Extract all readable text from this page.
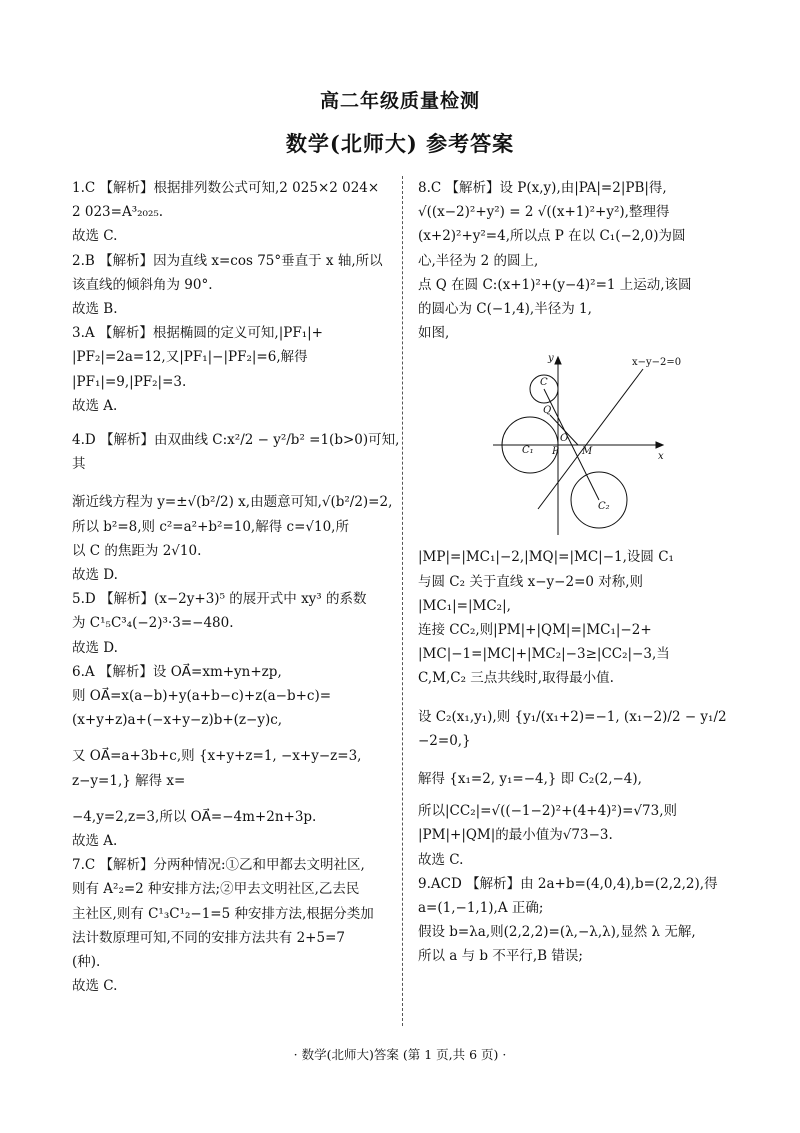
高二年级质量检测
数学(北师大) 参考答案
1.C 【解析】根据排列数公式可知,2 025×2 024×
2 023=A³₂₀₂₅.
故选 C.
2.B 【解析】因为直线 x=cos 75°垂直于 x 轴,所以
该直线的倾斜角为 90°.
故选 B.
3.A 【解析】根据椭圆的定义可知,|PF₁|+
|PF₂|=2a=12,又|PF₁|−|PF₂|=6,解得
|PF₁|=9,|PF₂|=3.
故选 A.
4.D 【解析】由双曲线 C:x²/2 − y²/b² =1(b>0)可知,其
渐近线方程为 y=±√(b²/2) x,由题意可知,√(b²/2)=2,
所以 b²=8,则 c²=a²+b²=10,解得 c=√10,所
以 C 的焦距为 2√10.
故选 D.
5.D 【解析】(x−2y+3)⁵ 的展开式中 xy³ 的系数
为 C¹₅C³₄(−2)³·3=−480.
故选 D.
6.A 【解析】设 OA⃗=xm+yn+zp,
则 OA⃗=x(a−b)+y(a+b−c)+z(a−b+c)=
(x+y+z)a+(−x+y−z)b+(z−y)c,
又 OA⃗=a+3b+c,则 {x+y+z=1, −x+y−z=3, z−y=1,} 解得 x=
−4,y=2,z=3,所以 OA⃗=−4m+2n+3p.
故选 A.
7.C 【解析】分两种情况:①乙和甲都去文明社区,
则有 A²₂=2 种安排方法;②甲去文明社区,乙去民
主社区,则有 C¹₃C¹₂−1=5 种安排方法,根据分类加
法计数原理可知,不同的安排方法共有 2+5=7
(种).
故选 C.
8.C 【解析】设 P(x,y),由|PA|=2|PB|得,
√((x−2)²+y²) = 2 √((x+1)²+y²),整理得
(x+2)²+y²=4,所以点 P 在以 C₁(−2,0)为圆
心,半径为 2 的圆上,
点 Q 在圆 C:(x+1)²+(y−4)²=1 上运动,该圆
的圆心为 C(−1,4),半径为 1,
如图,
x−y−2=0
y
x
O
C
Q
C₁ P M
C₂
|MP|=|MC₁|−2,|MQ|=|MC|−1,设圆 C₁
与圆 C₂ 关于直线 x−y−2=0 对称,则
|MC₁|=|MC₂|,
连接 CC₂,则|PM|+|QM|=|MC₁|−2+
|MC|−1=|MC|+|MC₂|−3≥|CC₂|−3,当
C,M,C₂ 三点共线时,取得最小值.
设 C₂(x₁,y₁),则 {y₁/(x₁+2)=−1, (x₁−2)/2 − y₁/2 −2=0,}
解得 {x₁=2, y₁=−4,} 即 C₂(2,−4),
所以|CC₂|=√((−1−2)²+(4+4)²)=√73,则
|PM|+|QM|的最小值为√73−3.
故选 C.
9.ACD 【解析】由 2a+b=(4,0,4),b=(2,2,2),得
a=(1,−1,1),A 正确;
假设 b=λa,则(2,2,2)=(λ,−λ,λ),显然 λ 无解,
所以 a 与 b 不平行,B 错误;
· 数学(北师大)答案 (第 1 页,共 6 页) ·
